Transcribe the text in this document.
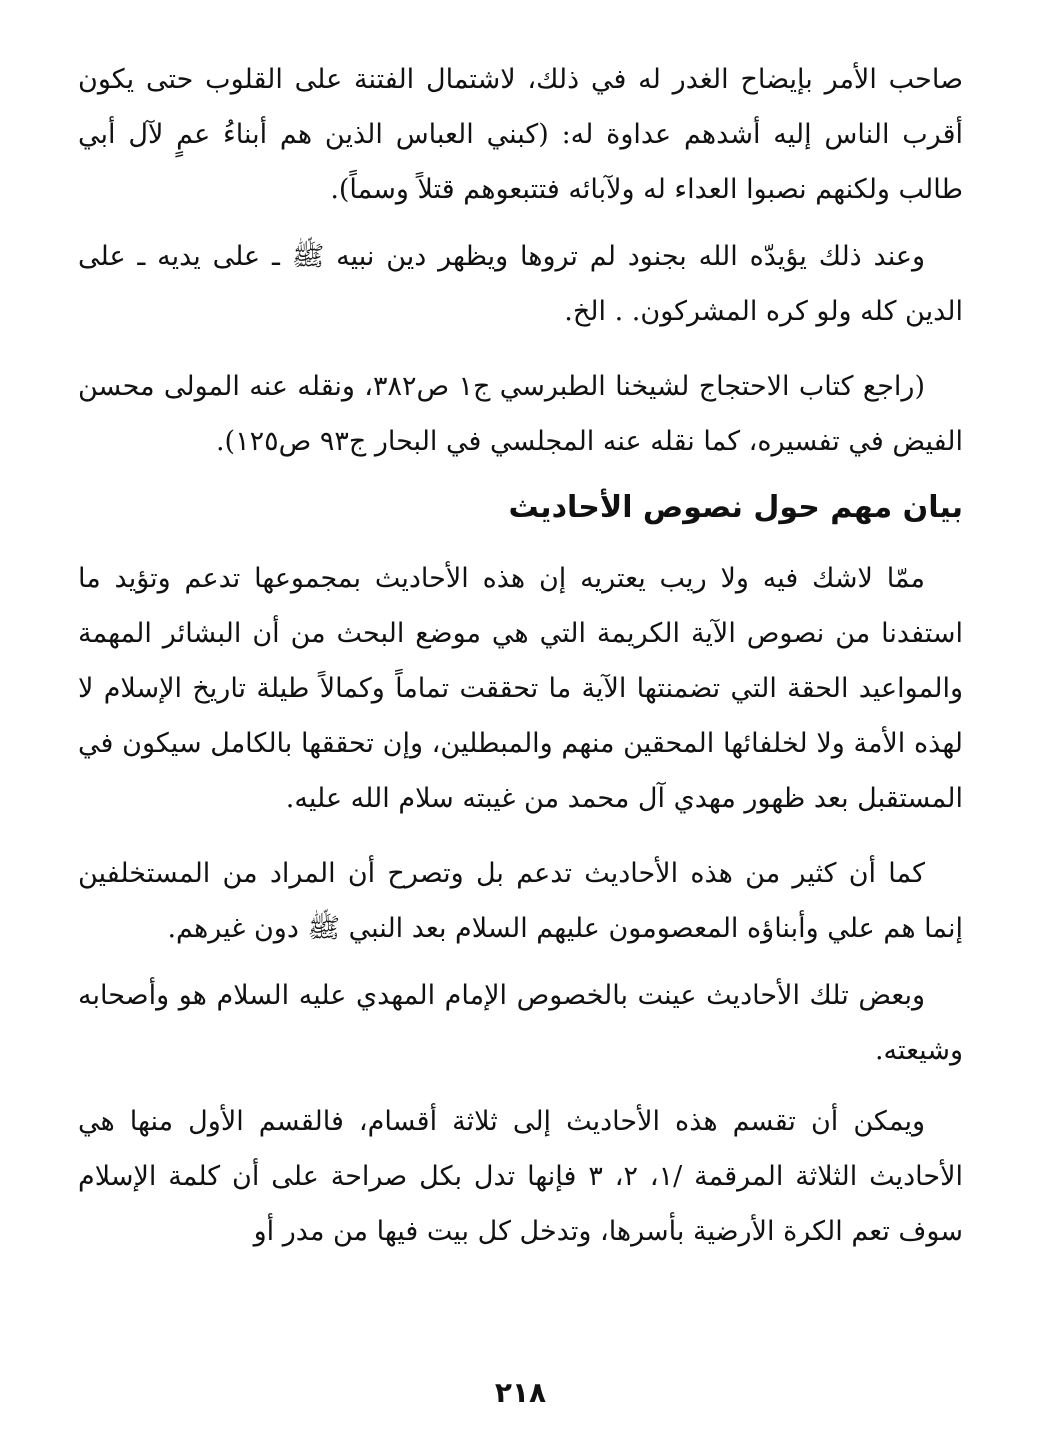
صاحب الأمر بإيضاح الغدر له في ذلك، لاشتمال الفتنة على القلوب حتى يكون أقرب الناس إليه أشدهم عداوة له: (كبني العباس الذين هم أبناءُ عمٍ لآل أبي طالب ولكنهم نصبوا العداء له ولآبائه فتتبعوهم قتلاً وسماً).

وعند ذلك يؤيدّه الله بجنود لم تروها ويظهر دين نبيه ﷺ ـ على يديه ـ على الدين كله ولو كره المشركون. . الخ.

(راجع كتاب الاحتجاج لشيخنا الطبرسي ج١ ص٣٨٢، ونقله عنه المولى محسن الفيض في تفسيره، كما نقله عنه المجلسي في البحار ج٩٣ ص١٢٥).

بيان مهم حول نصوص الأحاديث

ممّا لاشك فيه ولا ريب يعتريه إن هذه الأحاديث بمجموعها تدعم وتؤيد ما استفدنا من نصوص الآية الكريمة التي هي موضع البحث من أن البشائر المهمة والمواعيد الحقة التي تضمنتها الآية ما تحققت تماماً وكمالاً طيلة تاريخ الإسلام لا لهذه الأمة ولا لخلفائها المحقين منهم والمبطلين، وإن تحققها بالكامل سيكون في المستقبل بعد ظهور مهدي آل محمد من غيبته سلام الله عليه.

كما أن كثير من هذه الأحاديث تدعم بل وتصرح أن المراد من المستخلفين إنما هم علي وأبناؤه المعصومون عليهم السلام بعد النبي ﷺ دون غيرهم.

وبعض تلك الأحاديث عينت بالخصوص الإمام المهدي عليه السلام هو وأصحابه وشيعته.

ويمكن أن تقسم هذه الأحاديث إلى ثلاثة أقسام، فالقسم الأول منها هي الأحاديث الثلاثة المرقمة /١، ٢، ٣ فإنها تدل بكل صراحة على أن كلمة الإسلام سوف تعم الكرة الأرضية بأسرها، وتدخل كل بيت فيها من مدر أو

٢١٨
